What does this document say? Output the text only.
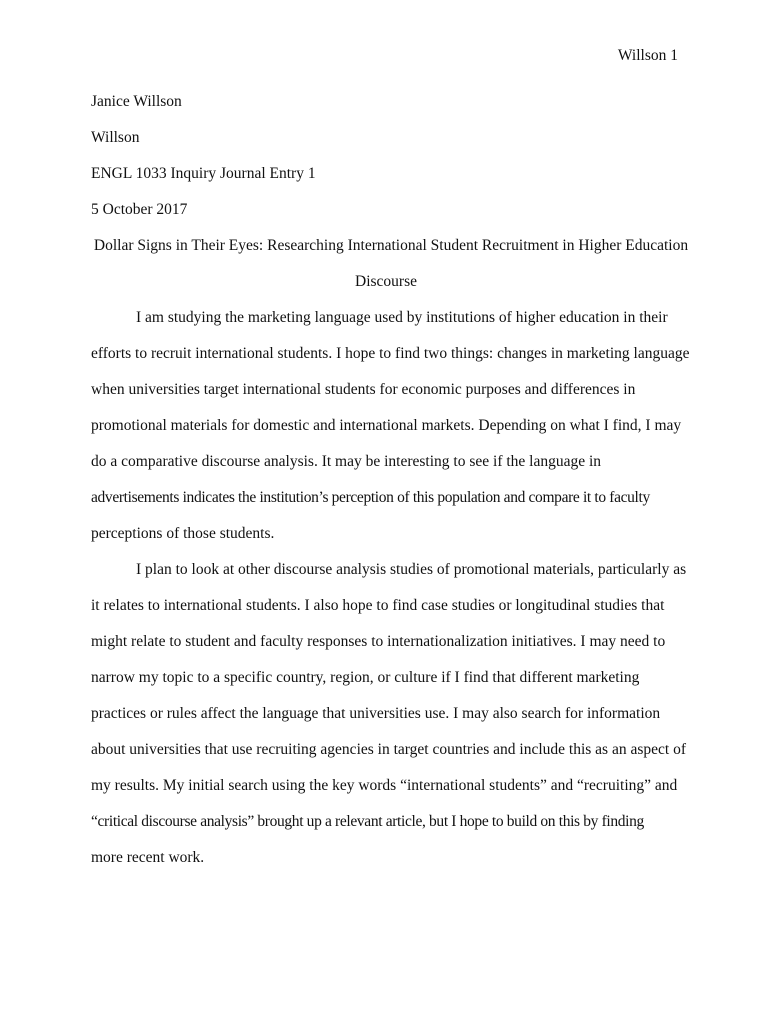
Willson 1
Janice Willson
Willson
ENGL 1033 Inquiry Journal Entry 1
5 October 2017
Dollar Signs in Their Eyes: Researching International Student Recruitment in Higher Education
Discourse
I am studying the marketing language used by institutions of higher education in their
efforts to recruit international students. I hope to find two things: changes in marketing language
when universities target international students for economic purposes and differences in
promotional materials for domestic and international markets. Depending on what I find, I may
do a comparative discourse analysis. It may be interesting to see if the language in
advertisements indicates the institution’s perception of this population and compare it to faculty
perceptions of those students.
I plan to look at other discourse analysis studies of promotional materials, particularly as
it relates to international students. I also hope to find case studies or longitudinal studies that
might relate to student and faculty responses to internationalization initiatives. I may need to
narrow my topic to a specific country, region, or culture if I find that different marketing
practices or rules affect the language that universities use. I may also search for information
about universities that use recruiting agencies in target countries and include this as an aspect of
my results. My initial search using the key words “international students” and “recruiting” and
“critical discourse analysis” brought up a relevant article, but I hope to build on this by finding
more recent work.
